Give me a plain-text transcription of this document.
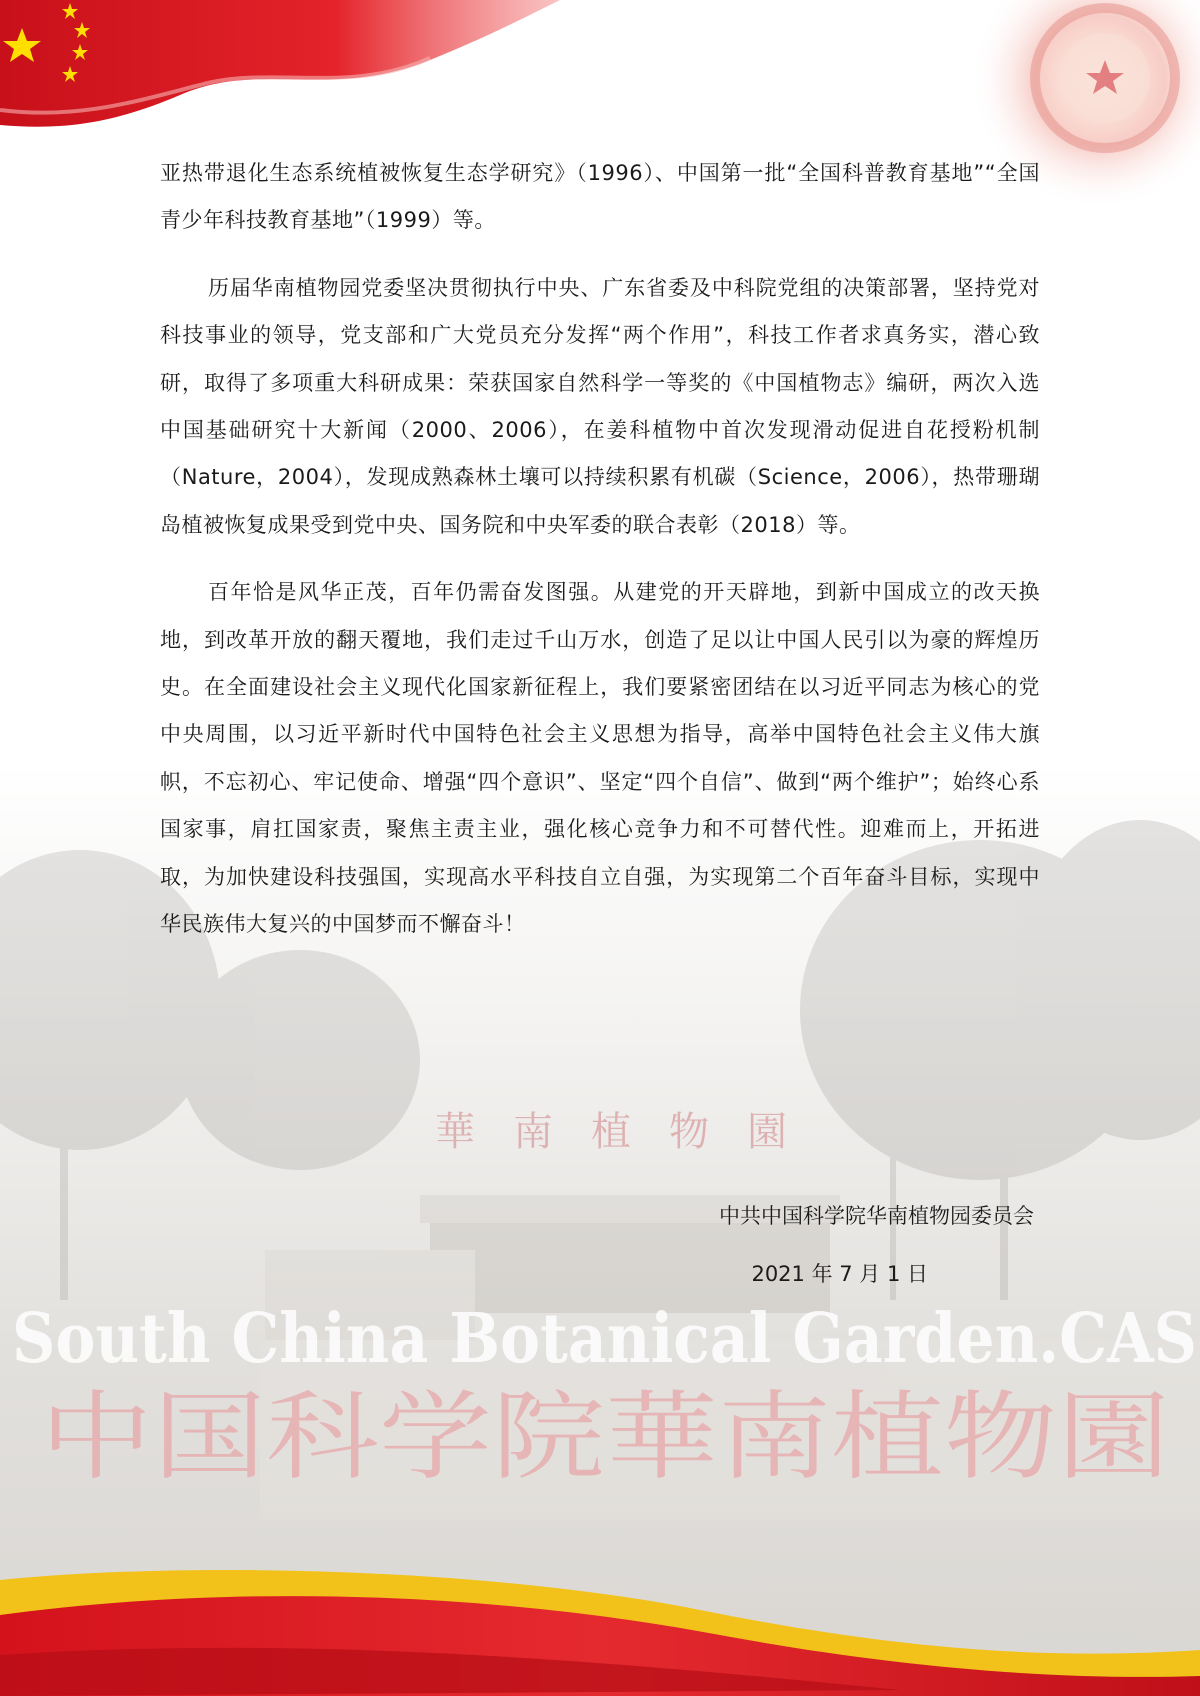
華南植物園
South China Botanical Garden.CAS
中国科学院華南植物園

亚热带退化生态系统植被恢复生态学研究》（1996）、中国第一批“全国科普教育基地”“全国青少年科技教育基地”（1999）等。

历届华南植物园党委坚决贯彻执行中央、广东省委及中科院党组的决策部署，坚持党对科技事业的领导，党支部和广大党员充分发挥“两个作用”，科技工作者求真务实，潜心致研，取得了多项重大科研成果：荣获国家自然科学一等奖的《中国植物志》编研，两次入选中国基础研究十大新闻（2000、2006），在姜科植物中首次发现滑动促进自花授粉机制（Nature，2004），发现成熟森林土壤可以持续积累有机碳（Science，2006），热带珊瑚岛植被恢复成果受到党中央、国务院和中央军委的联合表彰（2018）等。

百年恰是风华正茂，百年仍需奋发图强。从建党的开天辟地，到新中国成立的改天换地，到改革开放的翻天覆地，我们走过千山万水，创造了足以让中国人民引以为豪的辉煌历史。在全面建设社会主义现代化国家新征程上，我们要紧密团结在以习近平同志为核心的党中央周围，以习近平新时代中国特色社会主义思想为指导，高举中国特色社会主义伟大旗帜，不忘初心、牢记使命、增强“四个意识”、坚定“四个自信”、做到“两个维护”；始终心系国家事，肩扛国家责，聚焦主责主业，强化核心竞争力和不可替代性。迎难而上，开拓进取，为加快建设科技强国，实现高水平科技自立自强，为实现第二个百年奋斗目标，实现中华民族伟大复兴的中国梦而不懈奋斗！

中共中国科学院华南植物园委员会
2021 年 7 月 1 日
